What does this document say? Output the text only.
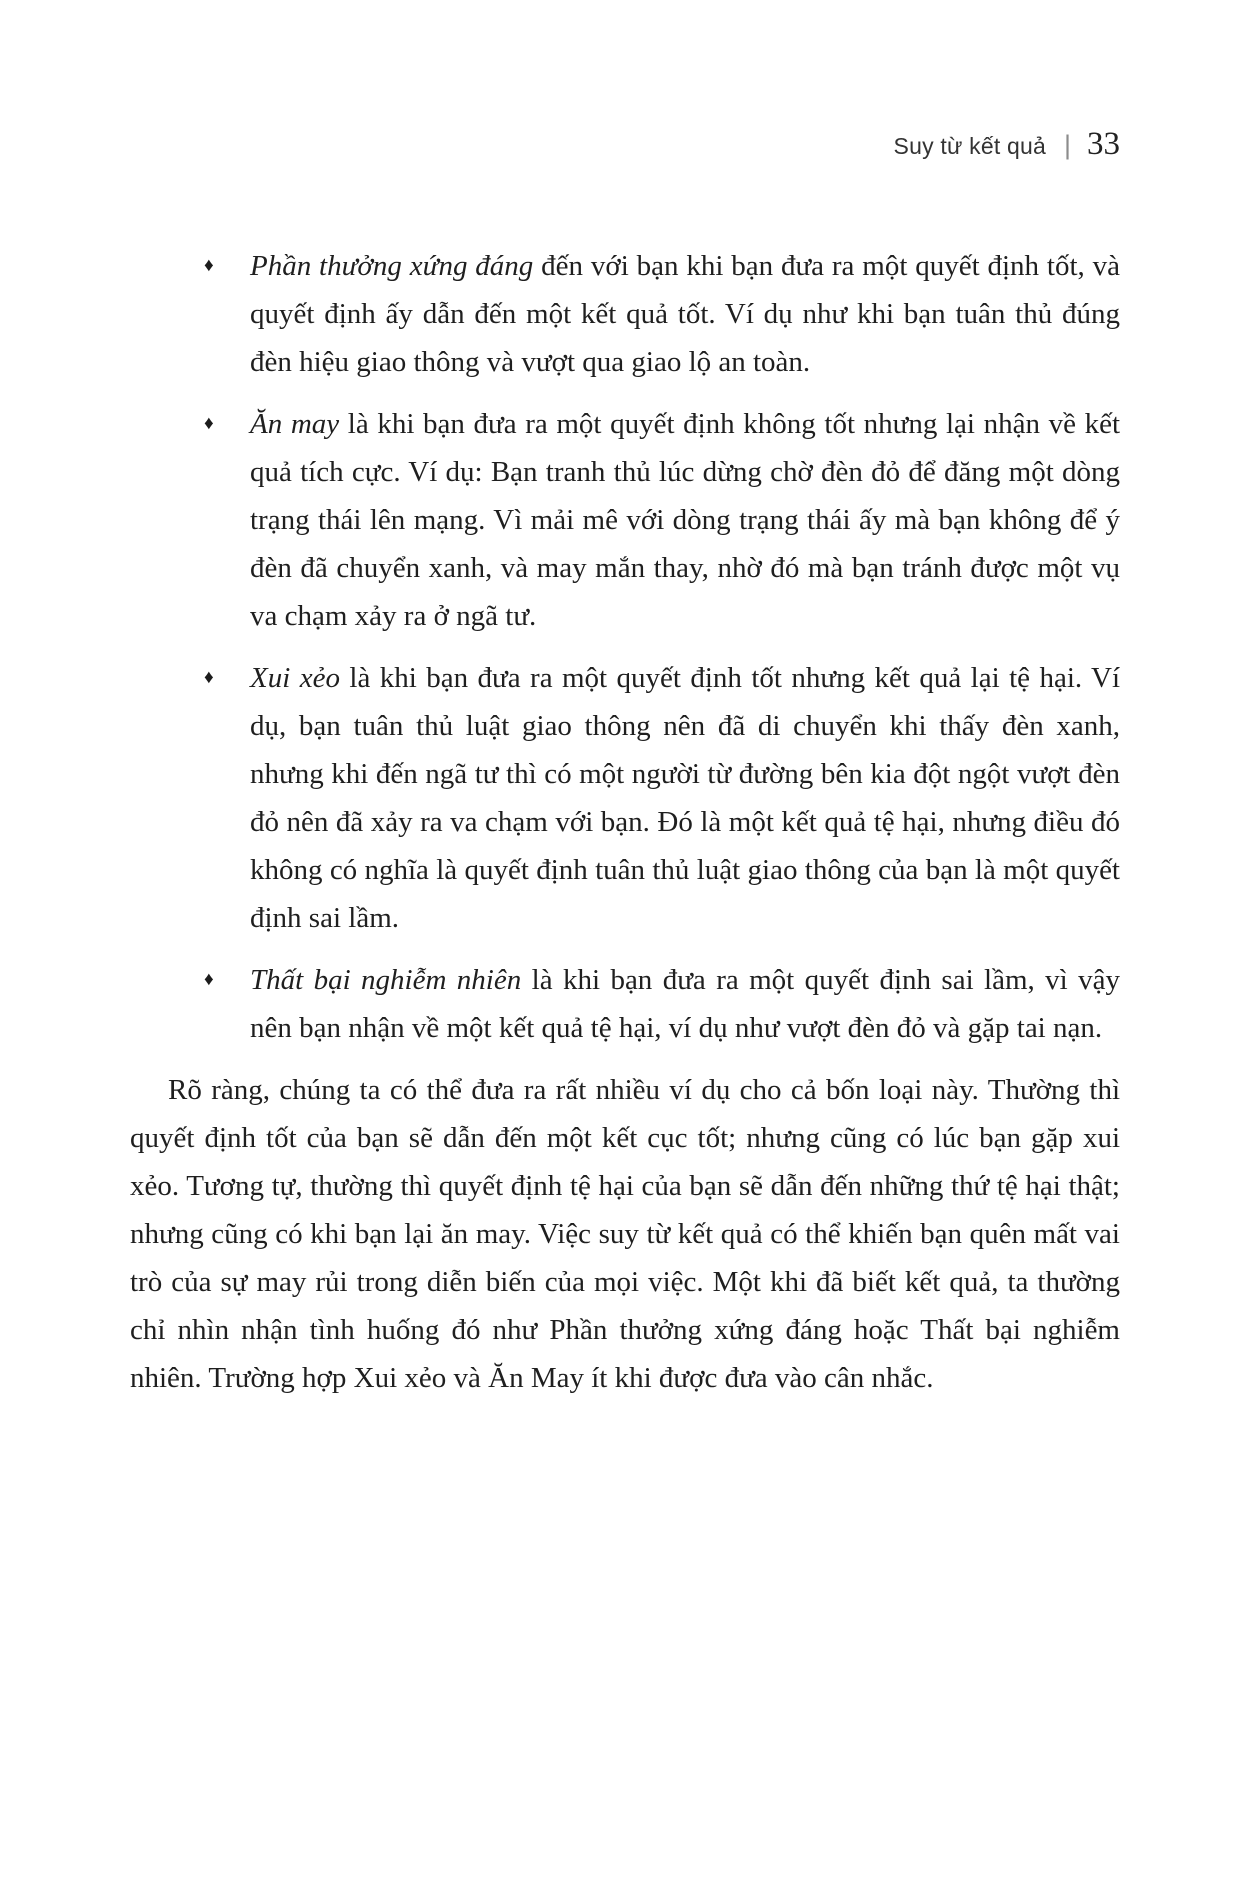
Suy từ kết quả | 33
♦ Phần thưởng xứng đáng đến với bạn khi bạn đưa ra một quyết định tốt, và quyết định ấy dẫn đến một kết quả tốt. Ví dụ như khi bạn tuân thủ đúng đèn hiệu giao thông và vượt qua giao lộ an toàn.
♦ Ăn may là khi bạn đưa ra một quyết định không tốt nhưng lại nhận về kết quả tích cực. Ví dụ: Bạn tranh thủ lúc dừng chờ đèn đỏ để đăng một dòng trạng thái lên mạng. Vì mải mê với dòng trạng thái ấy mà bạn không để ý đèn đã chuyển xanh, và may mắn thay, nhờ đó mà bạn tránh được một vụ va chạm xảy ra ở ngã tư.
♦ Xui xẻo là khi bạn đưa ra một quyết định tốt nhưng kết quả lại tệ hại. Ví dụ, bạn tuân thủ luật giao thông nên đã di chuyển khi thấy đèn xanh, nhưng khi đến ngã tư thì có một người từ đường bên kia đột ngột vượt đèn đỏ nên đã xảy ra va chạm với bạn. Đó là một kết quả tệ hại, nhưng điều đó không có nghĩa là quyết định tuân thủ luật giao thông của bạn là một quyết định sai lầm.
♦ Thất bại nghiễm nhiên là khi bạn đưa ra một quyết định sai lầm, vì vậy nên bạn nhận về một kết quả tệ hại, ví dụ như vượt đèn đỏ và gặp tai nạn.

Rõ ràng, chúng ta có thể đưa ra rất nhiều ví dụ cho cả bốn loại này. Thường thì quyết định tốt của bạn sẽ dẫn đến một kết cục tốt; nhưng cũng có lúc bạn gặp xui xẻo. Tương tự, thường thì quyết định tệ hại của bạn sẽ dẫn đến những thứ tệ hại thật; nhưng cũng có khi bạn lại ăn may. Việc suy từ kết quả có thể khiến bạn quên mất vai trò của sự may rủi trong diễn biến của mọi việc. Một khi đã biết kết quả, ta thường chỉ nhìn nhận tình huống đó như Phần thưởng xứng đáng hoặc Thất bại nghiễm nhiên. Trường hợp Xui xẻo và Ăn May ít khi được đưa vào cân nhắc.
